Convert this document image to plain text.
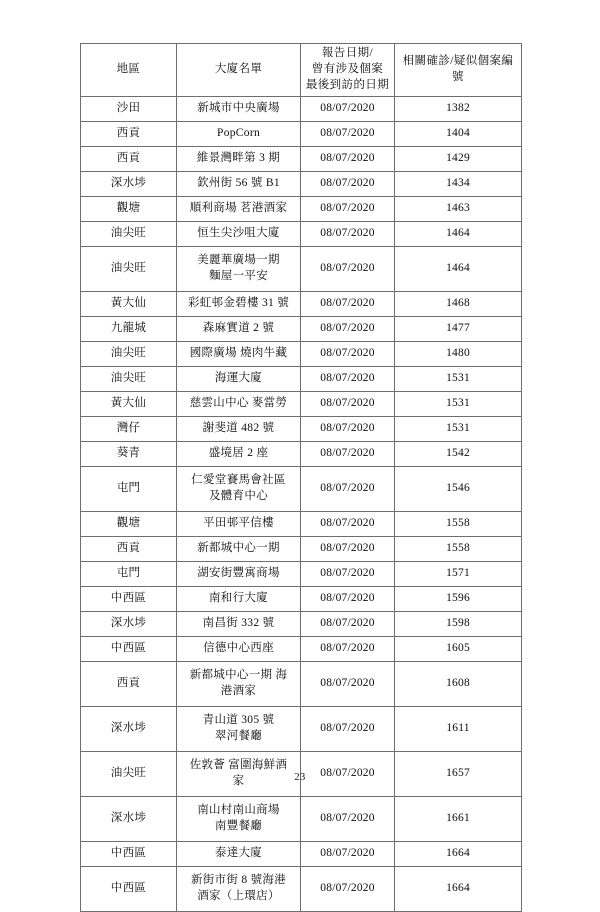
地區	大廈名單	報告日期/
曾有涉及個案
最後到訪的日期	相關確診/疑似個案編
號

沙田	新城市中央廣場	08/07/2020	1382
西貢	PopCorn	08/07/2020	1404
西貢	維景灣畔第 3 期	08/07/2020	1429
深水埗	欽州街 56 號 B1	08/07/2020	1434
觀塘	順利商場 茗港酒家	08/07/2020	1463
油尖旺	恒生尖沙咀大廈	08/07/2020	1464
油尖旺	美麗華廣場一期
麵屋一平安	08/07/2020	1464
黃大仙	彩虹邨金碧樓 31 號	08/07/2020	1468
九龍城	森麻實道 2 號	08/07/2020	1477
油尖旺	國際廣場 燒肉牛藏	08/07/2020	1480
油尖旺	海運大廈	08/07/2020	1531
黃大仙	慈雲山中心 麥當勞	08/07/2020	1531
灣仔	謝斐道 482 號	08/07/2020	1531
葵青	盛境居 2 座	08/07/2020	1542
屯門	仁愛堂賽馬會社區
及體育中心	08/07/2020	1546
觀塘	平田邨平信樓	08/07/2020	1558
西貢	新都城中心一期	08/07/2020	1558
屯門	湖安街豐寓商場	08/07/2020	1571
中西區	南和行大廈	08/07/2020	1596
深水埗	南昌街 332 號	08/07/2020	1598
中西區	信德中心西座	08/07/2020	1605
西貢	新都城中心一期 海
港酒家	08/07/2020	1608
深水埗	青山道 305 號
翠河餐廳	08/07/2020	1611
油尖旺	佐敦薈 富圍海鮮酒
家	08/07/2020	1657
深水埗	南山村南山商場
南豐餐廳	08/07/2020	1661
中西區	泰達大廈	08/07/2020	1664
中西區	新街市街 8 號海港
酒家（上環店）	08/07/2020	1664
23
